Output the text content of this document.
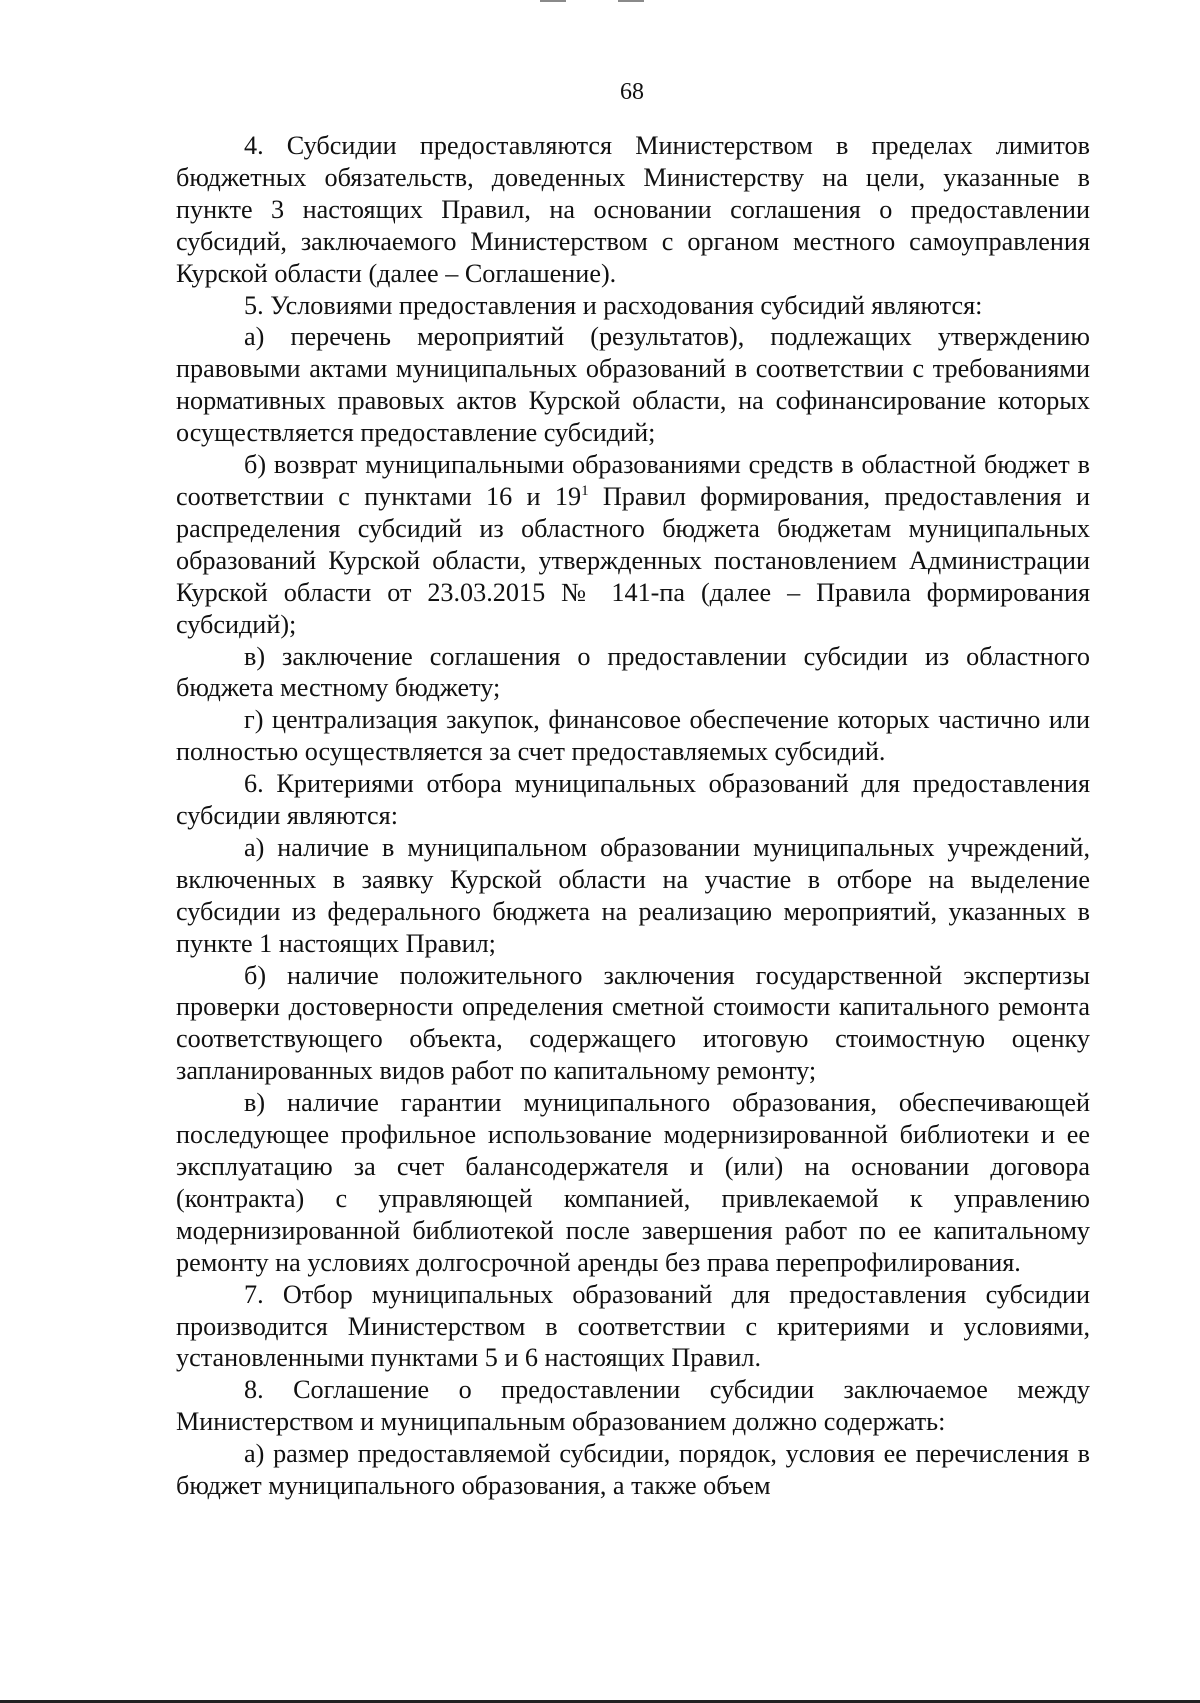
68

4. Субсидии предоставляются Министерством в пределах лимитов бюджетных обязательств, доведенных Министерству на цели, указанные в пункте 3 настоящих Правил, на основании соглашения о предоставлении субсидий, заключаемого Министерством с органом местного самоуправления Курской области (далее – Соглашение).

5. Условиями предоставления и расходования субсидий являются:

а) перечень мероприятий (результатов), подлежащих утверждению правовыми актами муниципальных образований в соответствии с требованиями нормативных правовых актов Курской области, на софинансирование которых осуществляется предоставление субсидий;

б) возврат муниципальными образованиями средств в областной бюджет в соответствии с пунктами 16 и $19^1$ Правил формирования, предоставления и распределения субсидий из областного бюджета бюджетам муниципальных образований Курской области, утвержденных постановлением Администрации Курской области от 23.03.2015 № 141-па (далее – Правила формирования субсидий);

в) заключение соглашения о предоставлении субсидии из областного бюджета местному бюджету;

г) централизация закупок, финансовое обеспечение которых частично или полностью осуществляется за счет предоставляемых субсидий.

6. Критериями отбора муниципальных образований для предоставления субсидии являются:

а) наличие в муниципальном образовании муниципальных учреждений, включенных в заявку Курской области на участие в отборе на выделение субсидии из федерального бюджета на реализацию мероприятий, указанных в пункте 1 настоящих Правил;

б) наличие положительного заключения государственной экспертизы проверки достоверности определения сметной стоимости капитального ремонта соответствующего объекта, содержащего итоговую стоимостную оценку запланированных видов работ по капитальному ремонту;

в) наличие гарантии муниципального образования, обеспечивающей последующее профильное использование модернизированной библиотеки и ее эксплуатацию за счет балансодержателя и (или) на основании договора (контракта) с управляющей компанией, привлекаемой к управлению модернизированной библиотекой после завершения работ по ее капитальному ремонту на условиях долгосрочной аренды без права перепрофилирования.

7. Отбор муниципальных образований для предоставления субсидии производится Министерством в соответствии с критериями и условиями, установленными пунктами 5 и 6 настоящих Правил.

8. Соглашение о предоставлении субсидии заключаемое между Министерством и муниципальным образованием должно содержать:

а) размер предоставляемой субсидии, порядок, условия ее перечисления в бюджет муниципального образования, а также объем
